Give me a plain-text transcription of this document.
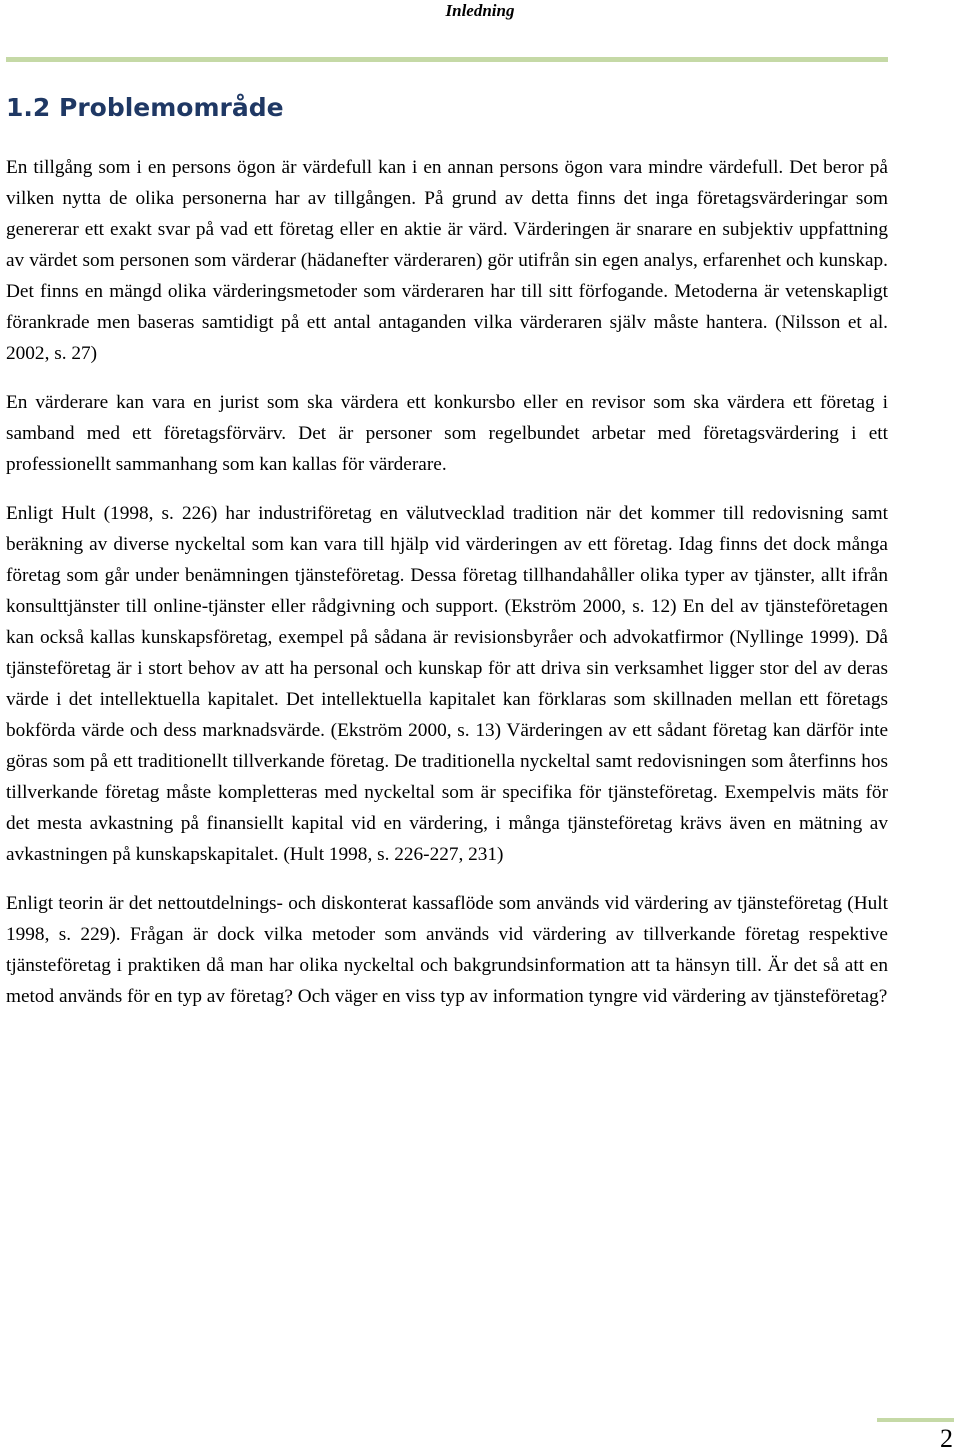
Inledning
1.2 Problemområde

En tillgång som i en persons ögon är värdefull kan i en annan persons ögon vara mindre värdefull. Det beror på vilken nytta de olika personerna har av tillgången. På grund av detta finns det inga företagsvärderingar som genererar ett exakt svar på vad ett företag eller en aktie är värd. Värderingen är snarare en subjektiv uppfattning av värdet som personen som värderar (hädanefter värderaren) gör utifrån sin egen analys, erfarenhet och kunskap. Det finns en mängd olika värderingsmetoder som värderaren har till sitt förfogande. Metoderna är vetenskapligt förankrade men baseras samtidigt på ett antal antaganden vilka värderaren själv måste hantera. (Nilsson et al. 2002, s. 27)

En värderare kan vara en jurist som ska värdera ett konkursbo eller en revisor som ska värdera ett företag i samband med ett företagsförvärv. Det är personer som regelbundet arbetar med företagsvärdering i ett professionellt sammanhang som kan kallas för värderare.

Enligt Hult (1998, s. 226) har industriföretag en välutvecklad tradition när det kommer till redovisning samt beräkning av diverse nyckeltal som kan vara till hjälp vid värderingen av ett företag. Idag finns det dock många företag som går under benämningen tjänsteföretag. Dessa företag tillhandahåller olika typer av tjänster, allt ifrån konsulttjänster till online-tjänster eller rådgivning och support. (Ekström 2000, s. 12) En del av tjänsteföretagen kan också kallas kunskapsföretag, exempel på sådana är revisionsbyråer och advokatfirmor (Nyllinge 1999). Då tjänsteföretag är i stort behov av att ha personal och kunskap för att driva sin verksamhet ligger stor del av deras värde i det intellektuella kapitalet. Det intellektuella kapitalet kan förklaras som skillnaden mellan ett företags bokförda värde och dess marknadsvärde. (Ekström 2000, s. 13) Värderingen av ett sådant företag kan därför inte göras som på ett traditionellt tillverkande företag. De traditionella nyckeltal samt redovisningen som återfinns hos tillverkande företag måste kompletteras med nyckeltal som är specifika för tjänsteföretag. Exempelvis mäts för det mesta avkastning på finansiellt kapital vid en värdering, i många tjänsteföretag krävs även en mätning av avkastningen på kunskapskapitalet. (Hult 1998, s. 226-227, 231)

Enligt teorin är det nettoutdelnings- och diskonterat kassaflöde som används vid värdering av tjänsteföretag (Hult 1998, s. 229). Frågan är dock vilka metoder som används vid värdering av tillverkande företag respektive tjänsteföretag i praktiken då man har olika nyckeltal och bakgrundsinformation att ta hänsyn till. Är det så att en metod används för en typ av företag? Och väger en viss typ av information tyngre vid värdering av tjänsteföretag?

2
